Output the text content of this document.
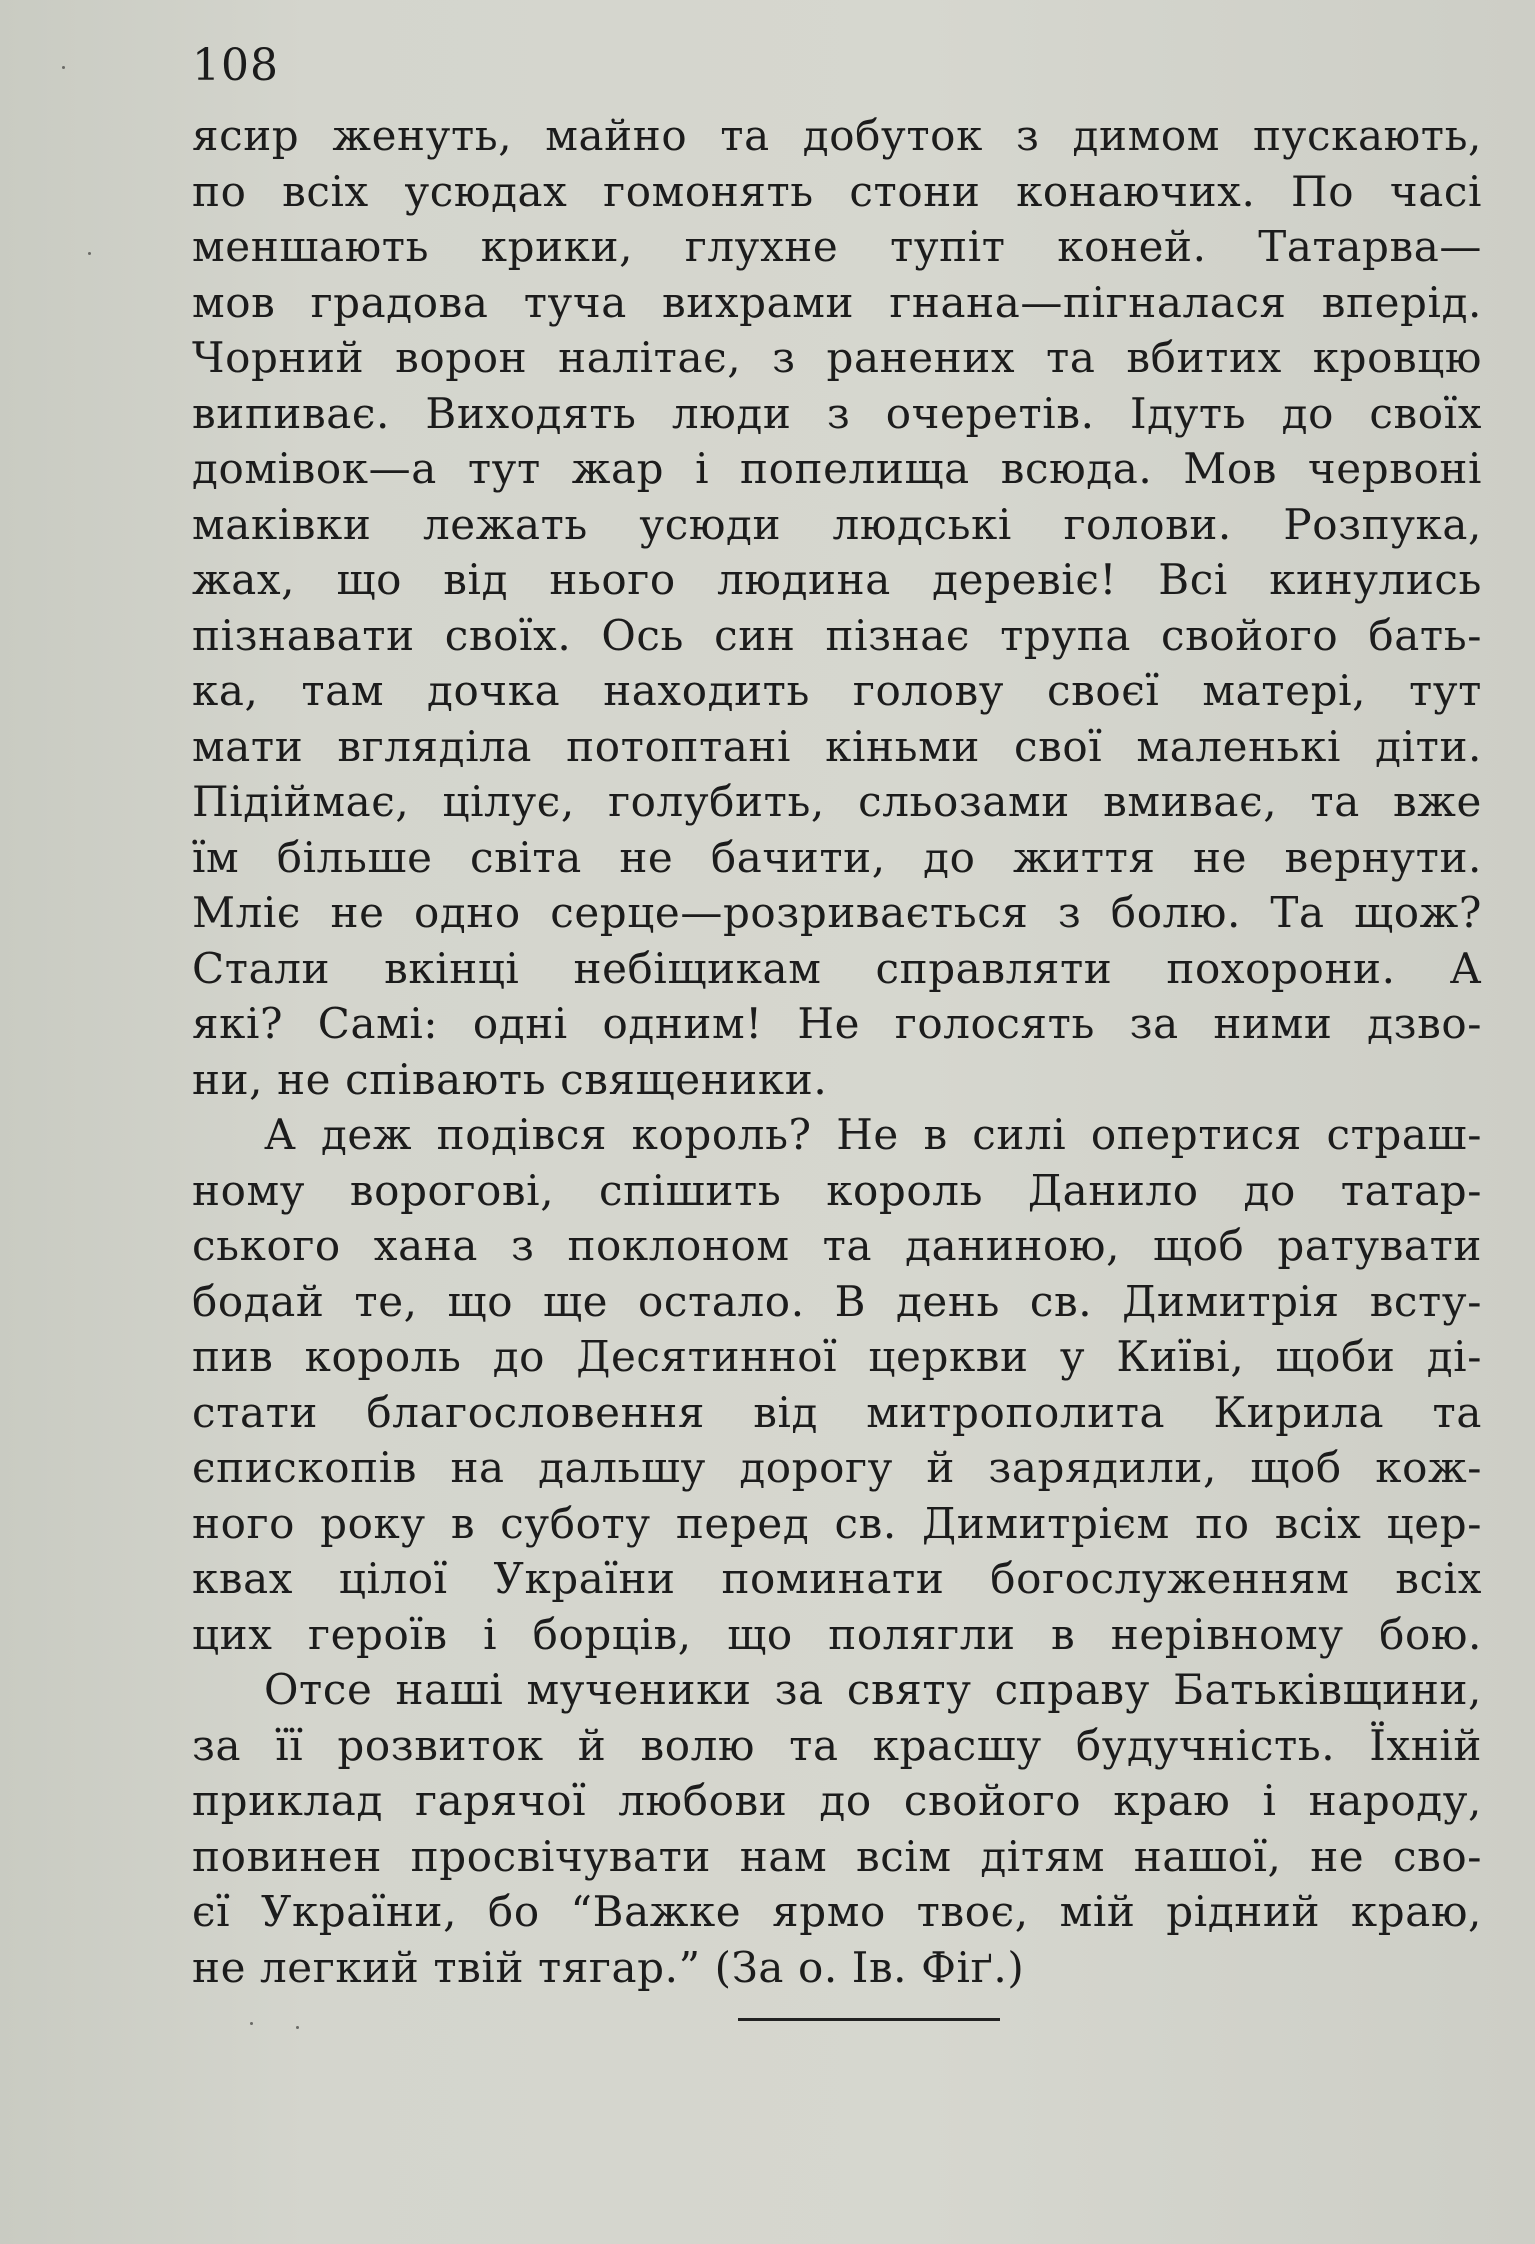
108
ясир женуть, майно та добуток з димом пускають,
по всіх усюдах гомонять стони конаючих. По часі
меншають крики, глухне тупіт коней. Татарва—
мов градова туча вихрами гнана—пігналася вперід.
Чорний ворон налітає, з ранених та вбитих кровцю
випиває. Виходять люди з очеретів. Ідуть до своїх
домівок—а тут жар і попелища всюда. Мов червоні
маківки лежать усюди людські голови. Розпука,
жах, що від нього людина деревіє! Всі кинулись
пізнавати своїх. Ось син пізнає трупа свойого бать-
ка, там дочка находить голову своєї матері, тут
мати вгляділа потоптані кіньми свої маленькі діти.
Підіймає, цілує, голубить, сльозами вмиває, та вже
їм більше світа не бачити, до життя не вернути.
Мліє не одно серце—розривається з болю. Та щож?
Стали вкінці небіщикам справляти похорони. А
які? Самі: одні одним! Не голосять за ними дзво-
ни, не співають священики.
А деж подівся король? Не в силі опертися страш-
ному ворогові, спішить король Данило до татар-
ського хана з поклоном та даниною, щоб ратувати
бодай те, що ще остало. В день св. Димитрія всту-
пив король до Десятинної церкви у Київі, щоби ді-
стати благословення від митрополита Кирила та
єпископів на дальшу дорогу й зарядили, щоб кож-
ного року в суботу перед св. Димитрієм по всіх цер-
квах цілої України поминати богослуженням всіх
цих героїв і борців, що полягли в нерівному бою.
Отсе наші мученики за святу справу Батьківщини,
за її розвиток й волю та красшу будучність. Їхній
приклад гарячої любови до свойого краю і народу,
повинен просвічувати нам всім дітям нашої, не сво-
єї України, бо “Важке ярмо твоє, мій рідний краю,
не легкий твій тягар.” (За о. Ів. Фіґ.)
